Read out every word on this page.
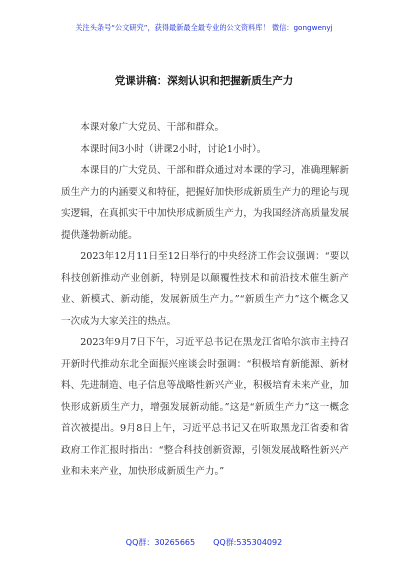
关注头条号“公文研究”，获得最新最全最专业的公文资料库！ 微信：gongwenyj
党课讲稿：深刻认识和把握新质生产力

本课对象广大党员、干部和群众。

本课时间3小时（讲课2小时，讨论1小时）。

本课目的广大党员、干部和群众通过对本课的学习，准确理解新质生产力的内涵要义和特征，把握好加快形成新质生产力的理论与现实逻辑，在真抓实干中加快形成新质生产力，为我国经济高质量发展提供蓬勃新动能。

2023年12月11日至12日举行的中央经济工作会议强调：“要以科技创新推动产业创新，特别是以颠覆性技术和前沿技术催生新产业、新模式、新动能，发展新质生产力。”“新质生产力”这个概念又一次成为大家关注的热点。

2023年9月7日下午，习近平总书记在黑龙江省哈尔滨市主持召开新时代推动东北全面振兴座谈会时强调：“积极培育新能源、新材料、先进制造、电子信息等战略性新兴产业，积极培育未来产业，加快形成新质生产力，增强发展新动能。”这是“新质生产力”这一概念首次被提出。9月8日上午，习近平总书记又在听取黑龙江省委和省政府工作汇报时指出：“整合科技创新资源，引领发展战略性新兴产业和未来产业，加快形成新质生产力。”

QQ群：30265665 QQ群:535304092
